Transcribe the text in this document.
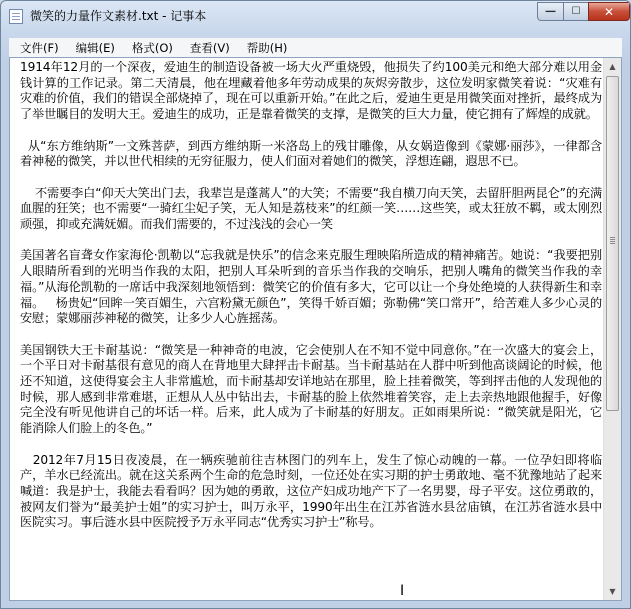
微笑的力量作文素材.txt - 记事本	─ ☐ ✕
文件(F)	编辑(E)	格式(O)	查看(V)	帮助(H)
1914年12月的一个深夜，爱迪生的制造设备被一场大火严重烧毁，他损失了约100美元和绝大部分难以用金钱计算的工作记录。第二天清晨，他在埋藏着他多年劳动成果的灰烬旁散步，这位发明家微笑着说：“灾难有灾难的价值，我们的错误全部烧掉了，现在可以重新开始。”在此之后，爱迪生更是用微笑面对挫折，最终成为了举世瞩目的发明大王。爱迪生的成功，正是靠着微笑的支撑，是微笑的巨大力量，使它拥有了辉煌的成就。
从“东方维纳斯”一文殊菩萨，到西方维纳斯一米洛岛上的残甘雕像，从女娲造像到《蒙娜·丽莎》，一律都含着神秘的微笑，并以世代相续的无穷征服力，使人们面对着她们的微笑，浮想连翩，遐思不已。
不需要李白“仰天大笑出门去，我辈岂是蓬蒿人”的大笑；不需要“我自横刀向天笑，去留肝胆两昆仑”的充满血腥的狂笑；也不需要“一骑红尘妃子笑，无人知是荔枝来”的红颜一笑……这些笑，或太狂放不羁，或太刚烈顽强，抑或充满妩媚。而我们需要的，不过浅浅的会心一笑
美国著名盲聋女作家海伦·凯勒以“忘我就是快乐”的信念来克服生理映陷所造成的精神痛苦。她说：“我要把别人眼睛所看到的光明当作我的太阳，把别人耳朵听到的音乐当作我的交响乐，把别人嘴角的微笑当作我的幸福。”从海伦凯勒的一席话中我深刻地领悟到：微笑它的价值有多大，它可以让一个身处绝境的人获得新生和幸福。   杨贵妃“回眸一笑百媚生，六宫粉黛无颜色”，笑得千娇百媚；弥勒佛“笑口常开”，给苦难人多少心灵的安慰；蒙娜丽莎神秘的微笑，让多少人心旌摇荡。
美国钢铁大王卡耐基说：“微笑是一种神奇的电波，它会使别人在不知不觉中同意你。”在一次盛大的宴会上，一个平日对卡耐基很有意见的商人在背地里大肆抨击卡耐基。当卡耐基站在人群中听到他高谈阔论的时候，他还不知道，这使得宴会主人非常尴尬，而卡耐基却安详地站在那里，脸上挂着微笑，等到抨击他的人发现他的时候，那人感到非常难堪，正想从人丛中钻出去，卡耐基的脸上依然堆着笑容，走上去亲热地跟他握手，好像完全没有听见他讲自己的坏话一样。后来，此人成为了卡耐基的好朋友。正如雨果所说：“微笑就是阳光，它能消除人们脸上的冬色。”
2012年7月15日夜凌晨，在一辆疾驰前往吉林图门的列车上，发生了惊心动魄的一幕。一位孕妇即将临产，羊水已经流出。就在这关系两个生命的危急时刻，一位还处在实习期的护士勇敢地、毫不犹豫地站了起来喊道：我是护士，我能去看看吗？因为她的勇敢，这位产妇成功地产下了一名男婴，母子平安。这位勇敢的，被网友们誉为“最美护士姐”的实习护士，叫万永平，1990年出生在江苏省涟水县岔庙镇，在江苏省涟水县中医院实习。事后涟水县中医院授予万永平同志“优秀实习护士”称号。
▲
▼
I
